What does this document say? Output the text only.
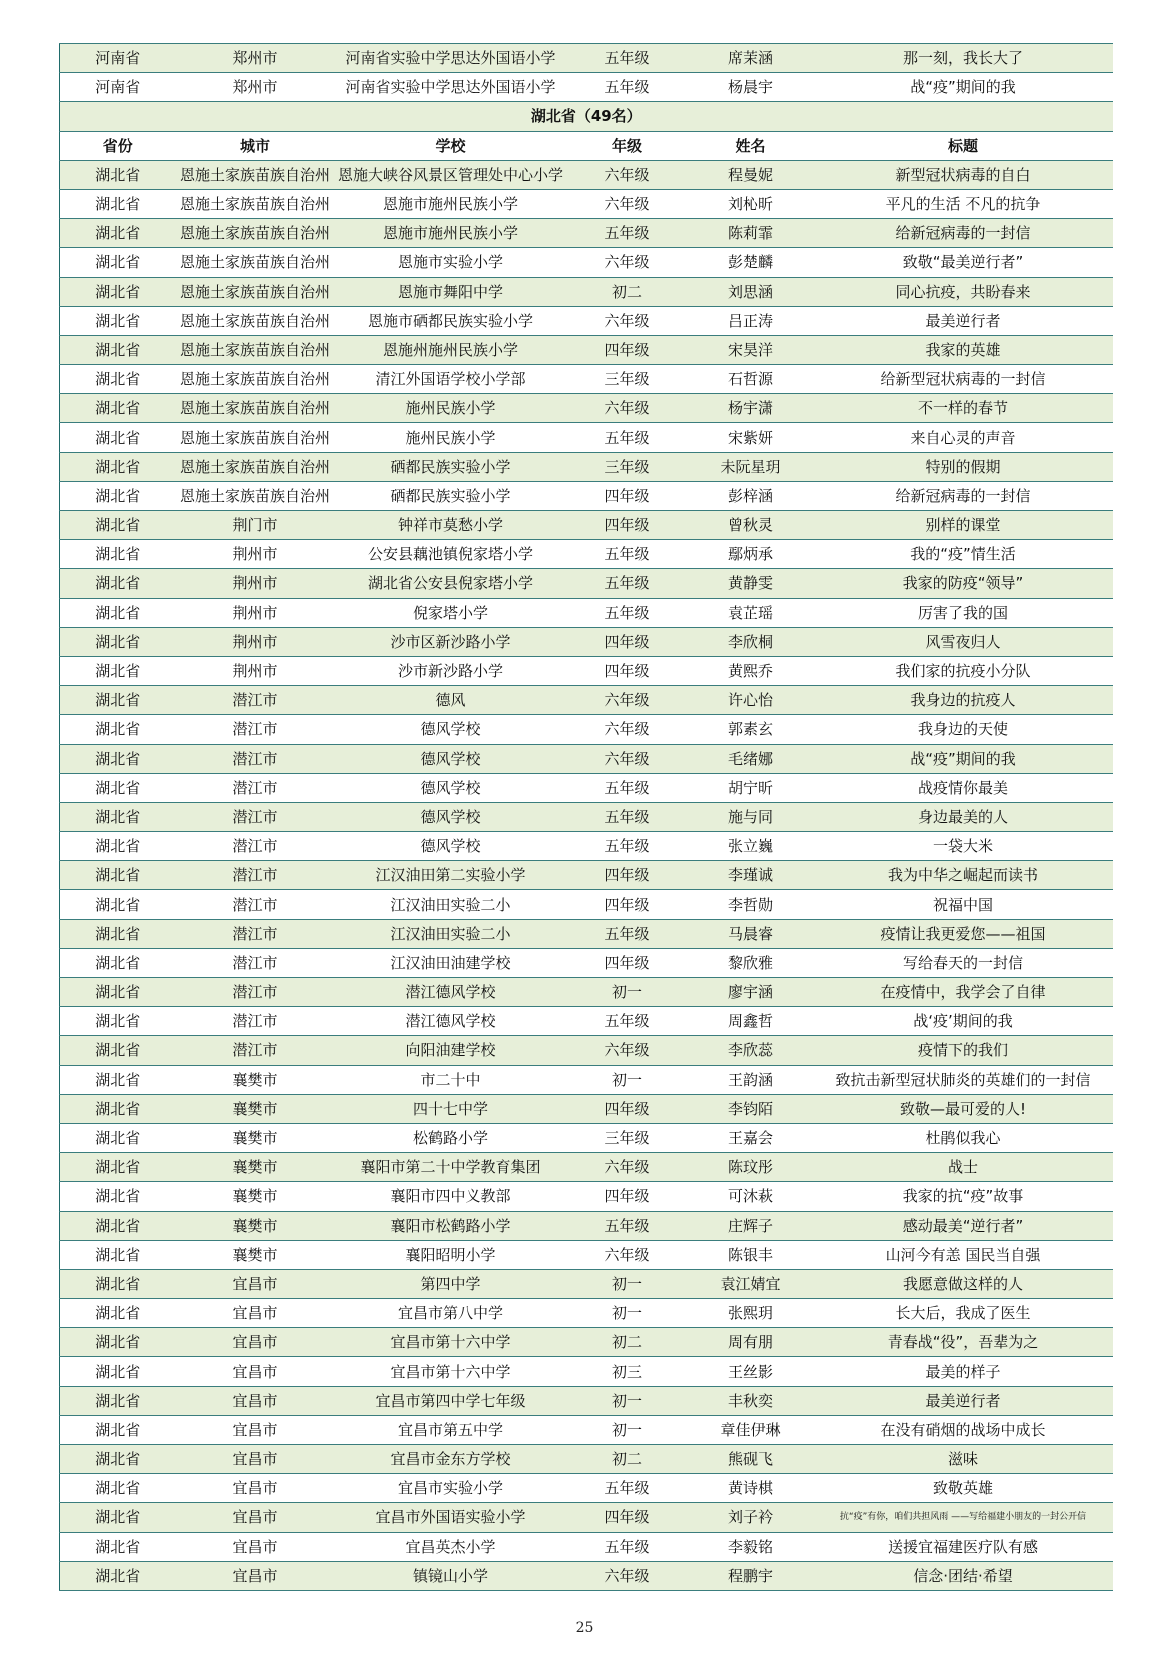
河南省	郑州市	河南省实验中学思达外国语小学	五年级	席茉涵	那一刻，我长大了
河南省	郑州市	河南省实验中学思达外国语小学	五年级	杨晨宇	战“疫”期间的我
湖北省（49名）					
省份	城市	学校	年级	姓名	标题
湖北省	恩施土家族苗族自治州	恩施大峡谷风景区管理处中心小学	六年级	程曼妮	新型冠状病毒的自白
湖北省	恩施土家族苗族自治州	恩施市施州民族小学	六年级	刘杺昕	平凡的生活 不凡的抗争
湖北省	恩施土家族苗族自治州	恩施市施州民族小学	五年级	陈莉霏	给新冠病毒的一封信
湖北省	恩施土家族苗族自治州	恩施市实验小学	六年级	彭楚麟	致敬“最美逆行者”
湖北省	恩施土家族苗族自治州	恩施市舞阳中学	初二	刘思涵	同心抗疫，共盼春来
湖北省	恩施土家族苗族自治州	恩施市硒都民族实验小学	六年级	吕正涛	最美逆行者
湖北省	恩施土家族苗族自治州	恩施州施州民族小学	四年级	宋昊洋	我家的英雄
湖北省	恩施土家族苗族自治州	清江外国语学校小学部	三年级	石哲源	给新型冠状病毒的一封信
湖北省	恩施土家族苗族自治州	施州民族小学	六年级	杨宇潇	不一样的春节
湖北省	恩施土家族苗族自治州	施州民族小学	五年级	宋紫妍	来自心灵的声音
湖北省	恩施土家族苗族自治州	硒都民族实验小学	三年级	未阮星玥	特别的假期
湖北省	恩施土家族苗族自治州	硒都民族实验小学	四年级	彭梓涵	给新冠病毒的一封信
湖北省	荆门市	钟祥市莫愁小学	四年级	曾秋灵	别样的课堂
湖北省	荆州市	公安县藕池镇倪家塔小学	五年级	鄢炳承	我的“疫”情生活
湖北省	荆州市	湖北省公安县倪家塔小学	五年级	黄静雯	我家的防疫“领导”
湖北省	荆州市	倪家塔小学	五年级	袁芷瑶	厉害了我的国
湖北省	荆州市	沙市区新沙路小学	四年级	李欣桐	风雪夜归人
湖北省	荆州市	沙市新沙路小学	四年级	黄熙乔	我们家的抗疫小分队
湖北省	潜江市	德风	六年级	许心怡	我身边的抗疫人
湖北省	潜江市	德风学校	六年级	郭素玄	我身边的天使
湖北省	潜江市	德风学校	六年级	毛绪娜	战“疫”期间的我
湖北省	潜江市	德风学校	五年级	胡宁昕	战疫情你最美
湖北省	潜江市	德风学校	五年级	施与同	身边最美的人
湖北省	潜江市	德风学校	五年级	张立巍	一袋大米
湖北省	潜江市	江汉油田第二实验小学	四年级	李瑾诚	我为中华之崛起而读书
湖北省	潜江市	江汉油田实验二小	四年级	李哲勋	祝福中国
湖北省	潜江市	江汉油田实验二小	五年级	马晨睿	疫情让我更爱您——祖国
湖北省	潜江市	江汉油田油建学校	四年级	黎欣雅	写给春天的一封信
湖北省	潜江市	潜江德风学校	初一	廖宇涵	在疫情中，我学会了自律
湖北省	潜江市	潜江德风学校	五年级	周鑫哲	战‘疫’期间的我
湖北省	潜江市	向阳油建学校	六年级	李欣蕊	疫情下的我们
湖北省	襄樊市	市二十中	初一	王韵涵	致抗击新型冠状肺炎的英雄们的一封信
湖北省	襄樊市	四十七中学	四年级	李钧陌	致敬—最可爱的人!
湖北省	襄樊市	松鹤路小学	三年级	王嘉会	杜鹃似我心
湖北省	襄樊市	襄阳市第二十中学教育集团	六年级	陈玟彤	战士
湖北省	襄樊市	襄阳市四中义教部	四年级	可沐萩	我家的抗“疫”故事
湖北省	襄樊市	襄阳市松鹤路小学	五年级	庄辉子	感动最美“逆行者”
湖北省	襄樊市	襄阳昭明小学	六年级	陈银丰	山河今有恙 国民当自强
湖北省	宜昌市	第四中学	初一	袁江婧宜	我愿意做这样的人
湖北省	宜昌市	宜昌市第八中学	初一	张熙玥	长大后，我成了医生
湖北省	宜昌市	宜昌市第十六中学	初二	周有朋	青春战“役”，吾辈为之
湖北省	宜昌市	宜昌市第十六中学	初三	王丝影	最美的样子
湖北省	宜昌市	宜昌市第四中学七年级	初一	丰秋奕	最美逆行者
湖北省	宜昌市	宜昌市第五中学	初一	章佳伊琳	在没有硝烟的战场中成长
湖北省	宜昌市	宜昌市金东方学校	初二	熊砚飞	滋味
湖北省	宜昌市	宜昌市实验小学	五年级	黄诗棋	致敬英雄
湖北省	宜昌市	宜昌市外国语实验小学	四年级	刘子衿	抗“疫”有你，咱们共担风雨 ——写给福建小朋友的一封公开信
湖北省	宜昌市	宜昌英杰小学	五年级	李毅铭	送援宜福建医疗队有感
湖北省	宜昌市	镇镜山小学	六年级	程鹏宇	信念·团结·希望
25
